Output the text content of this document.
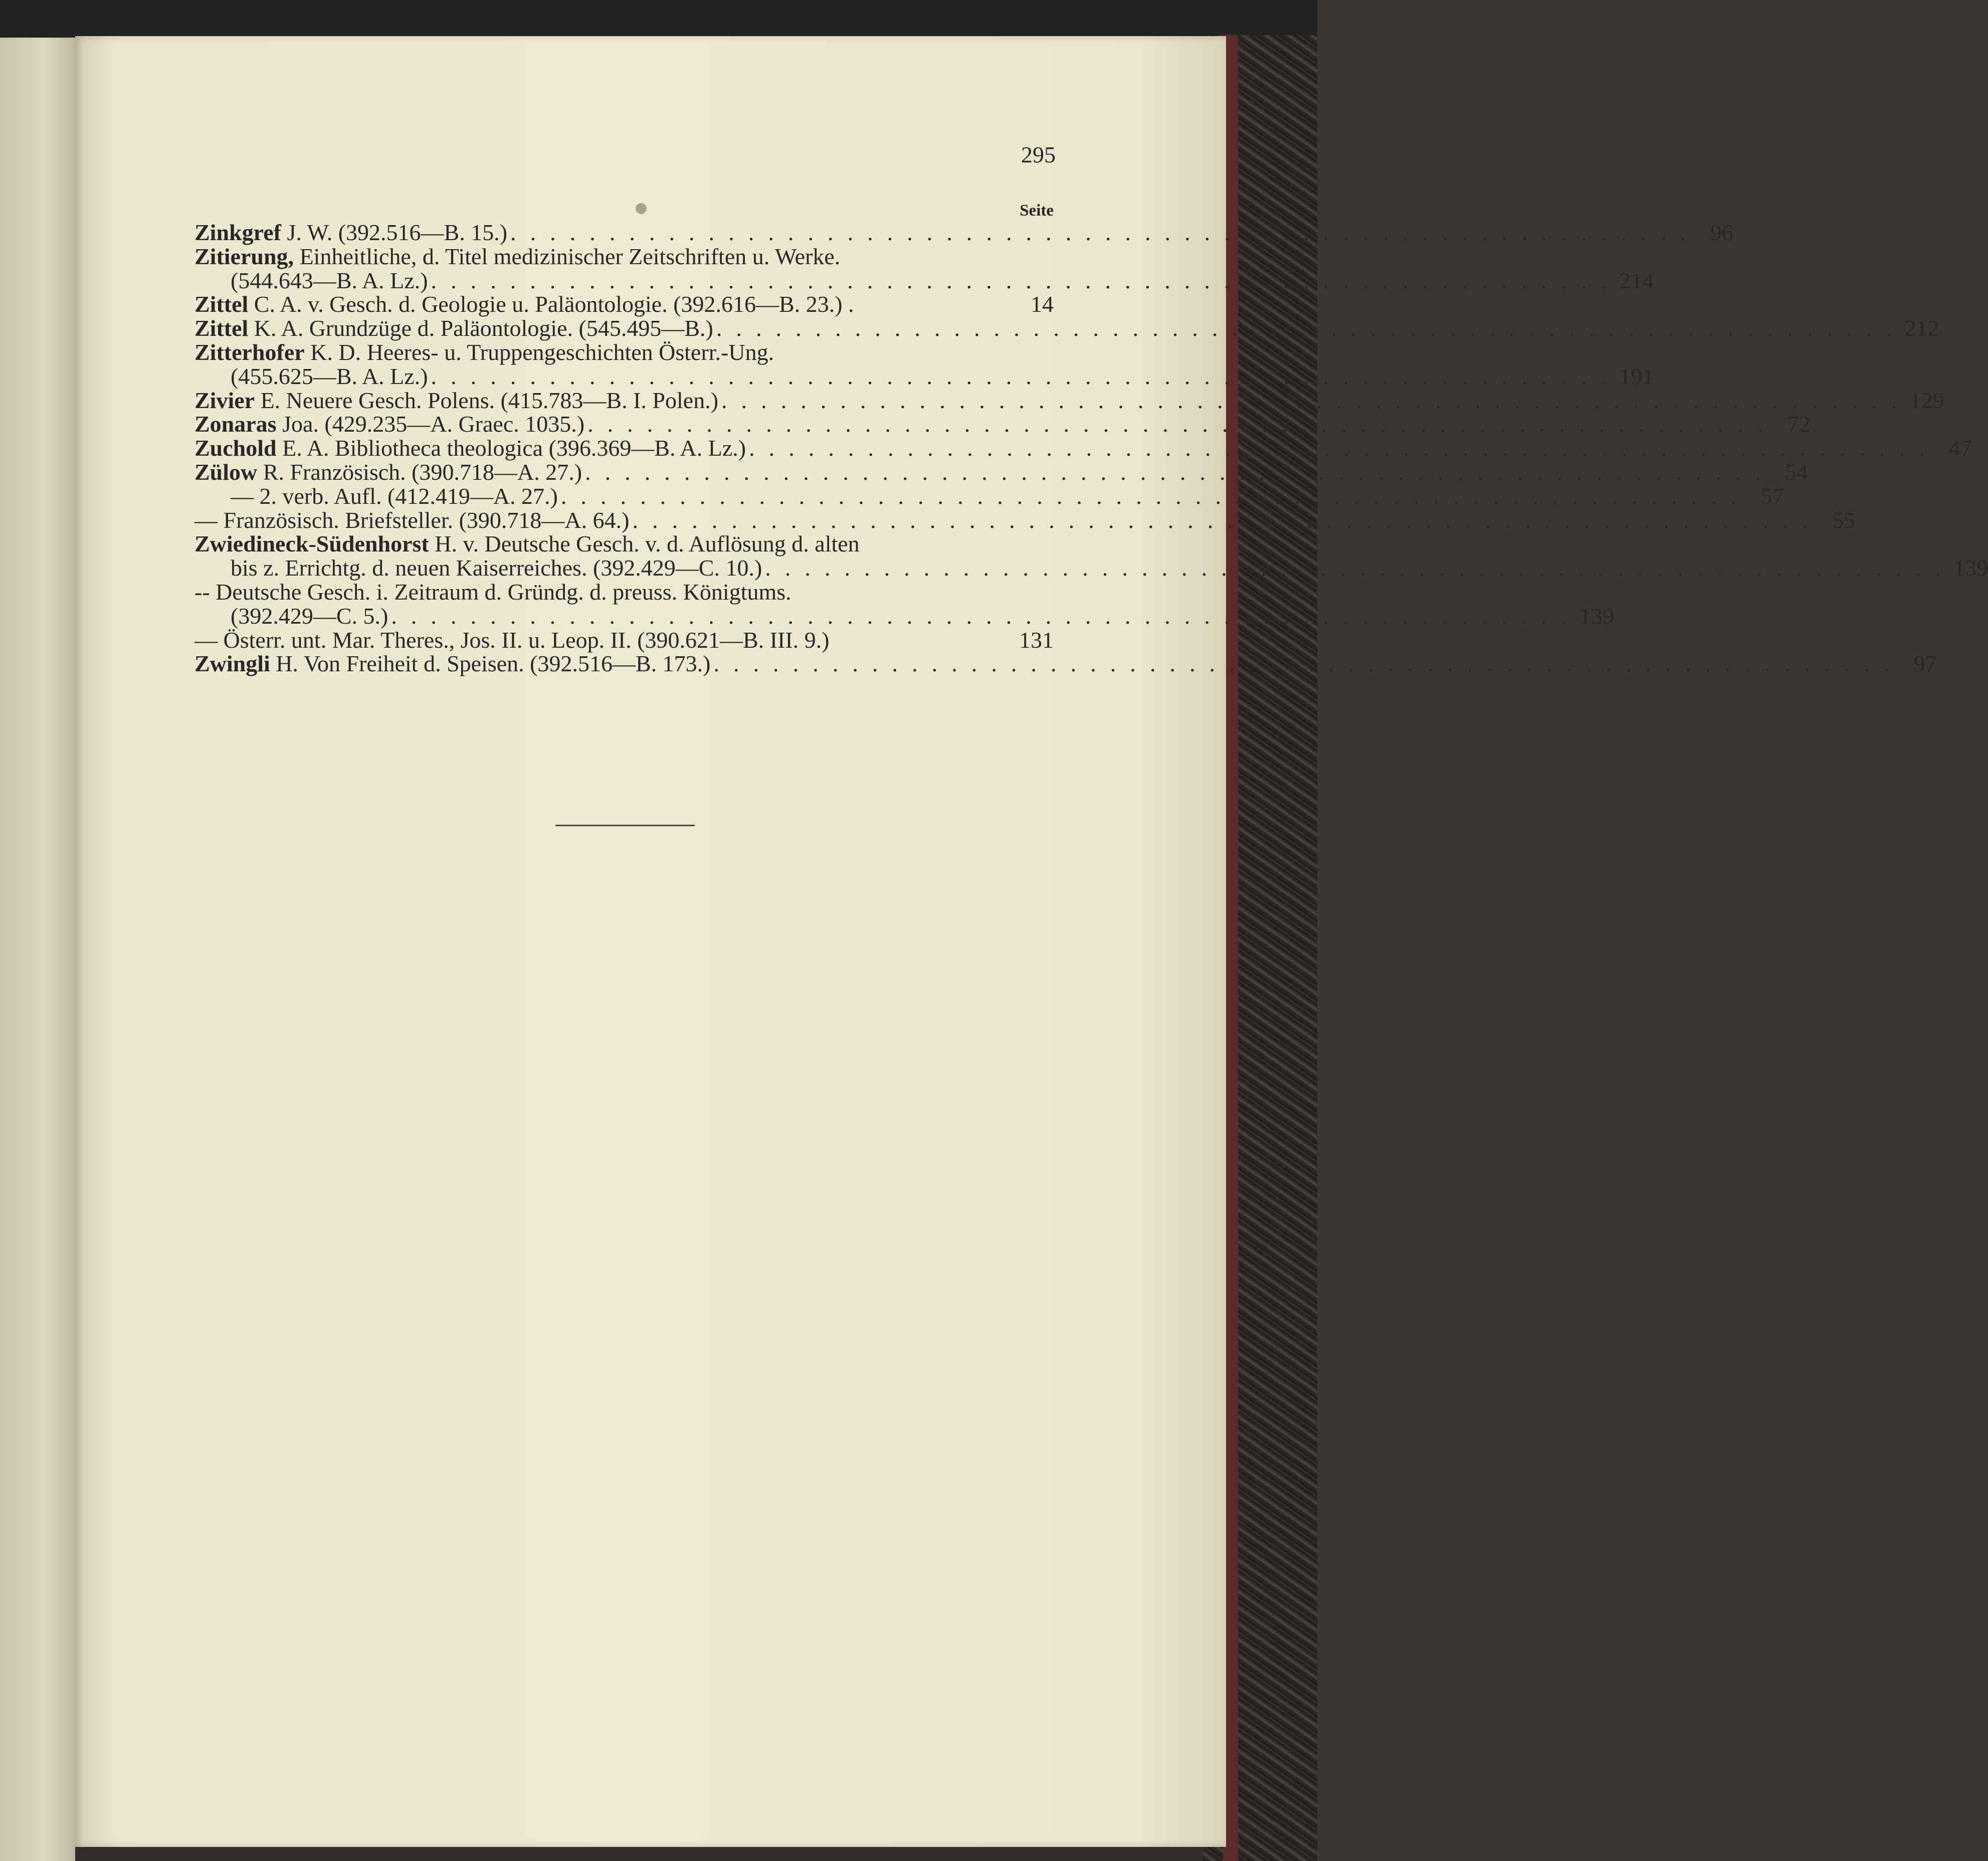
295
Seite
Zinkgref J. W. (392.516—B. 15.) . . . . . . . . . . . . . . . . . . . . . . . . . . . . . . . . . . . . . . . . . . . . . . . . . . . . . . . . . . . . 96
Zitierung, Einheitliche, d. Titel medizinischer Zeitschriften u. Werke.
(544.643—B. A. Lz.) . . . . . . . . . . . . . . . . . . . . . . . . . . . . . . . . . . . . . . . . . . . . . . . . . . . . . . . . . . . . 214
Zittel C. A. v. Gesch. d. Geologie u. Paläontologie. (392.616—B. 23.) .	14
Zittel K. A. Grundzüge d. Paläontologie. (545.495—B.) . . . . . . . . . . . . . . . . . . . . . . . . . . . . . . . . . . . . . . . . . . . . . . . . . . . . . . . . . . . . 212
Zitterhofer K. D. Heeres- u. Truppengeschichten Österr.-Ung.
(455.625—B. A. Lz.) . . . . . . . . . . . . . . . . . . . . . . . . . . . . . . . . . . . . . . . . . . . . . . . . . . . . . . . . . . . . 191
Zivier E. Neuere Gesch. Polens. (415.783—B. I. Polen.) . . . . . . . . . . . . . . . . . . . . . . . . . . . . . . . . . . . . . . . . . . . . . . . . . . . . . . . . . . . . 129
Zonaras Joa. (429.235—A. Graec. 1035.) . . . . . . . . . . . . . . . . . . . . . . . . . . . . . . . . . . . . . . . . . . . . . . . . . . . . . . . . . . . . 72
Zuchold E. A. Bibliotheca theologica (396.369—B. A. Lz.) . . . . . . . . . . . . . . . . . . . . . . . . . . . . . . . . . . . . . . . . . . . . . . . . . . . . . . . . . . . . 47
Zülow R. Französisch. (390.718—A. 27.) . . . . . . . . . . . . . . . . . . . . . . . . . . . . . . . . . . . . . . . . . . . . . . . . . . . . . . . . . . . . 54
— 2. verb. Aufl. (412.419—A. 27.) . . . . . . . . . . . . . . . . . . . . . . . . . . . . . . . . . . . . . . . . . . . . . . . . . . . . . . . . . . . . 57
— Französisch. Briefsteller. (390.718—A. 64.) . . . . . . . . . . . . . . . . . . . . . . . . . . . . . . . . . . . . . . . . . . . . . . . . . . . . . . . . . . . . 55
Zwiedineck-Südenhorst H. v. Deutsche Gesch. v. d. Auflösung d. alten
bis z. Errichtg. d. neuen Kaiserreiches. (392.429—C. 10.) . . . . . . . . . . . . . . . . . . . . . . . . . . . . . . . . . . . . . . . . . . . . . . . . . . . . . . . . . . . . 139
-- Deutsche Gesch. i. Zeitraum d. Gründg. d. preuss. Königtums.
(392.429—C. 5.) . . . . . . . . . . . . . . . . . . . . . . . . . . . . . . . . . . . . . . . . . . . . . . . . . . . . . . . . . . . . 139
— Österr. unt. Mar. Theres., Jos. II. u. Leop. II. (390.621—B. III. 9.)	131
Zwingli H. Von Freiheit d. Speisen. (392.516—B. 173.) . . . . . . . . . . . . . . . . . . . . . . . . . . . . . . . . . . . . . . . . . . . . . . . . . . . . . . . . . . . . 97
